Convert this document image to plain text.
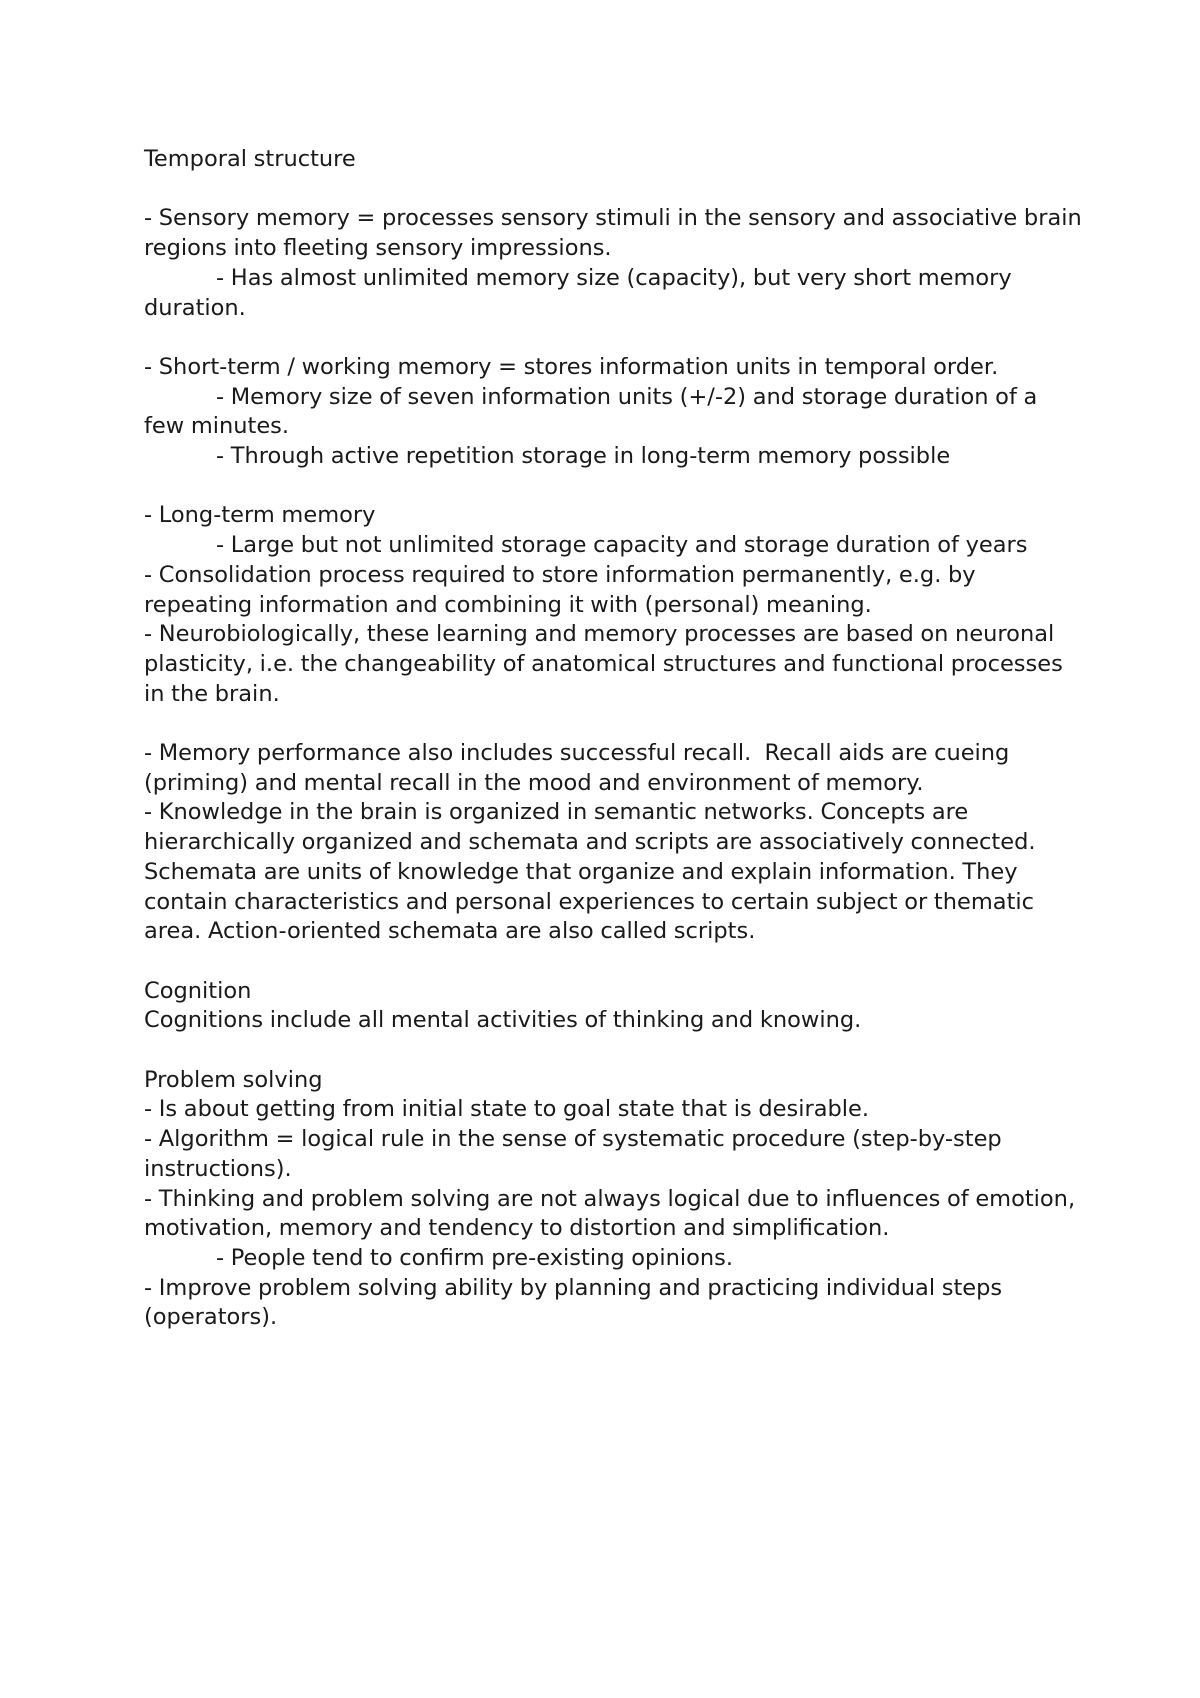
Temporal structure

- Sensory memory = processes sensory stimuli in the sensory and associative brain regions into fleeting sensory impressions.

- Has almost unlimited memory size (capacity), but very short memory duration.

- Short-term / working memory = stores information units in temporal order.

- Memory size of seven information units (+/-2) and storage duration of a few minutes.

- Through active repetition storage in long-term memory possible

- Long-term memory

- Large but not unlimited storage capacity and storage duration of years

- Consolidation process required to store information permanently, e.g. by repeating information and combining it with (personal) meaning.

- Neurobiologically, these learning and memory processes are based on neuronal plasticity, i.e. the changeability of anatomical structures and functional processes in the brain.

- Memory performance also includes successful recall.  Recall aids are cueing (priming) and mental recall in the mood and environment of memory.

- Knowledge in the brain is organized in semantic networks. Concepts are hierarchically organized and schemata and scripts are associatively connected. Schemata are units of knowledge that organize and explain information. They contain characteristics and personal experiences to certain subject or thematic area. Action-oriented schemata are also called scripts.

Cognition

Cognitions include all mental activities of thinking and knowing.

Problem solving

- Is about getting from initial state to goal state that is desirable.

- Algorithm = logical rule in the sense of systematic procedure (step-by-step instructions).

- Thinking and problem solving are not always logical due to influences of emotion, motivation, memory and tendency to distortion and simplification.

- People tend to confirm pre-existing opinions.

- Improve problem solving ability by planning and practicing individual steps (operators).
